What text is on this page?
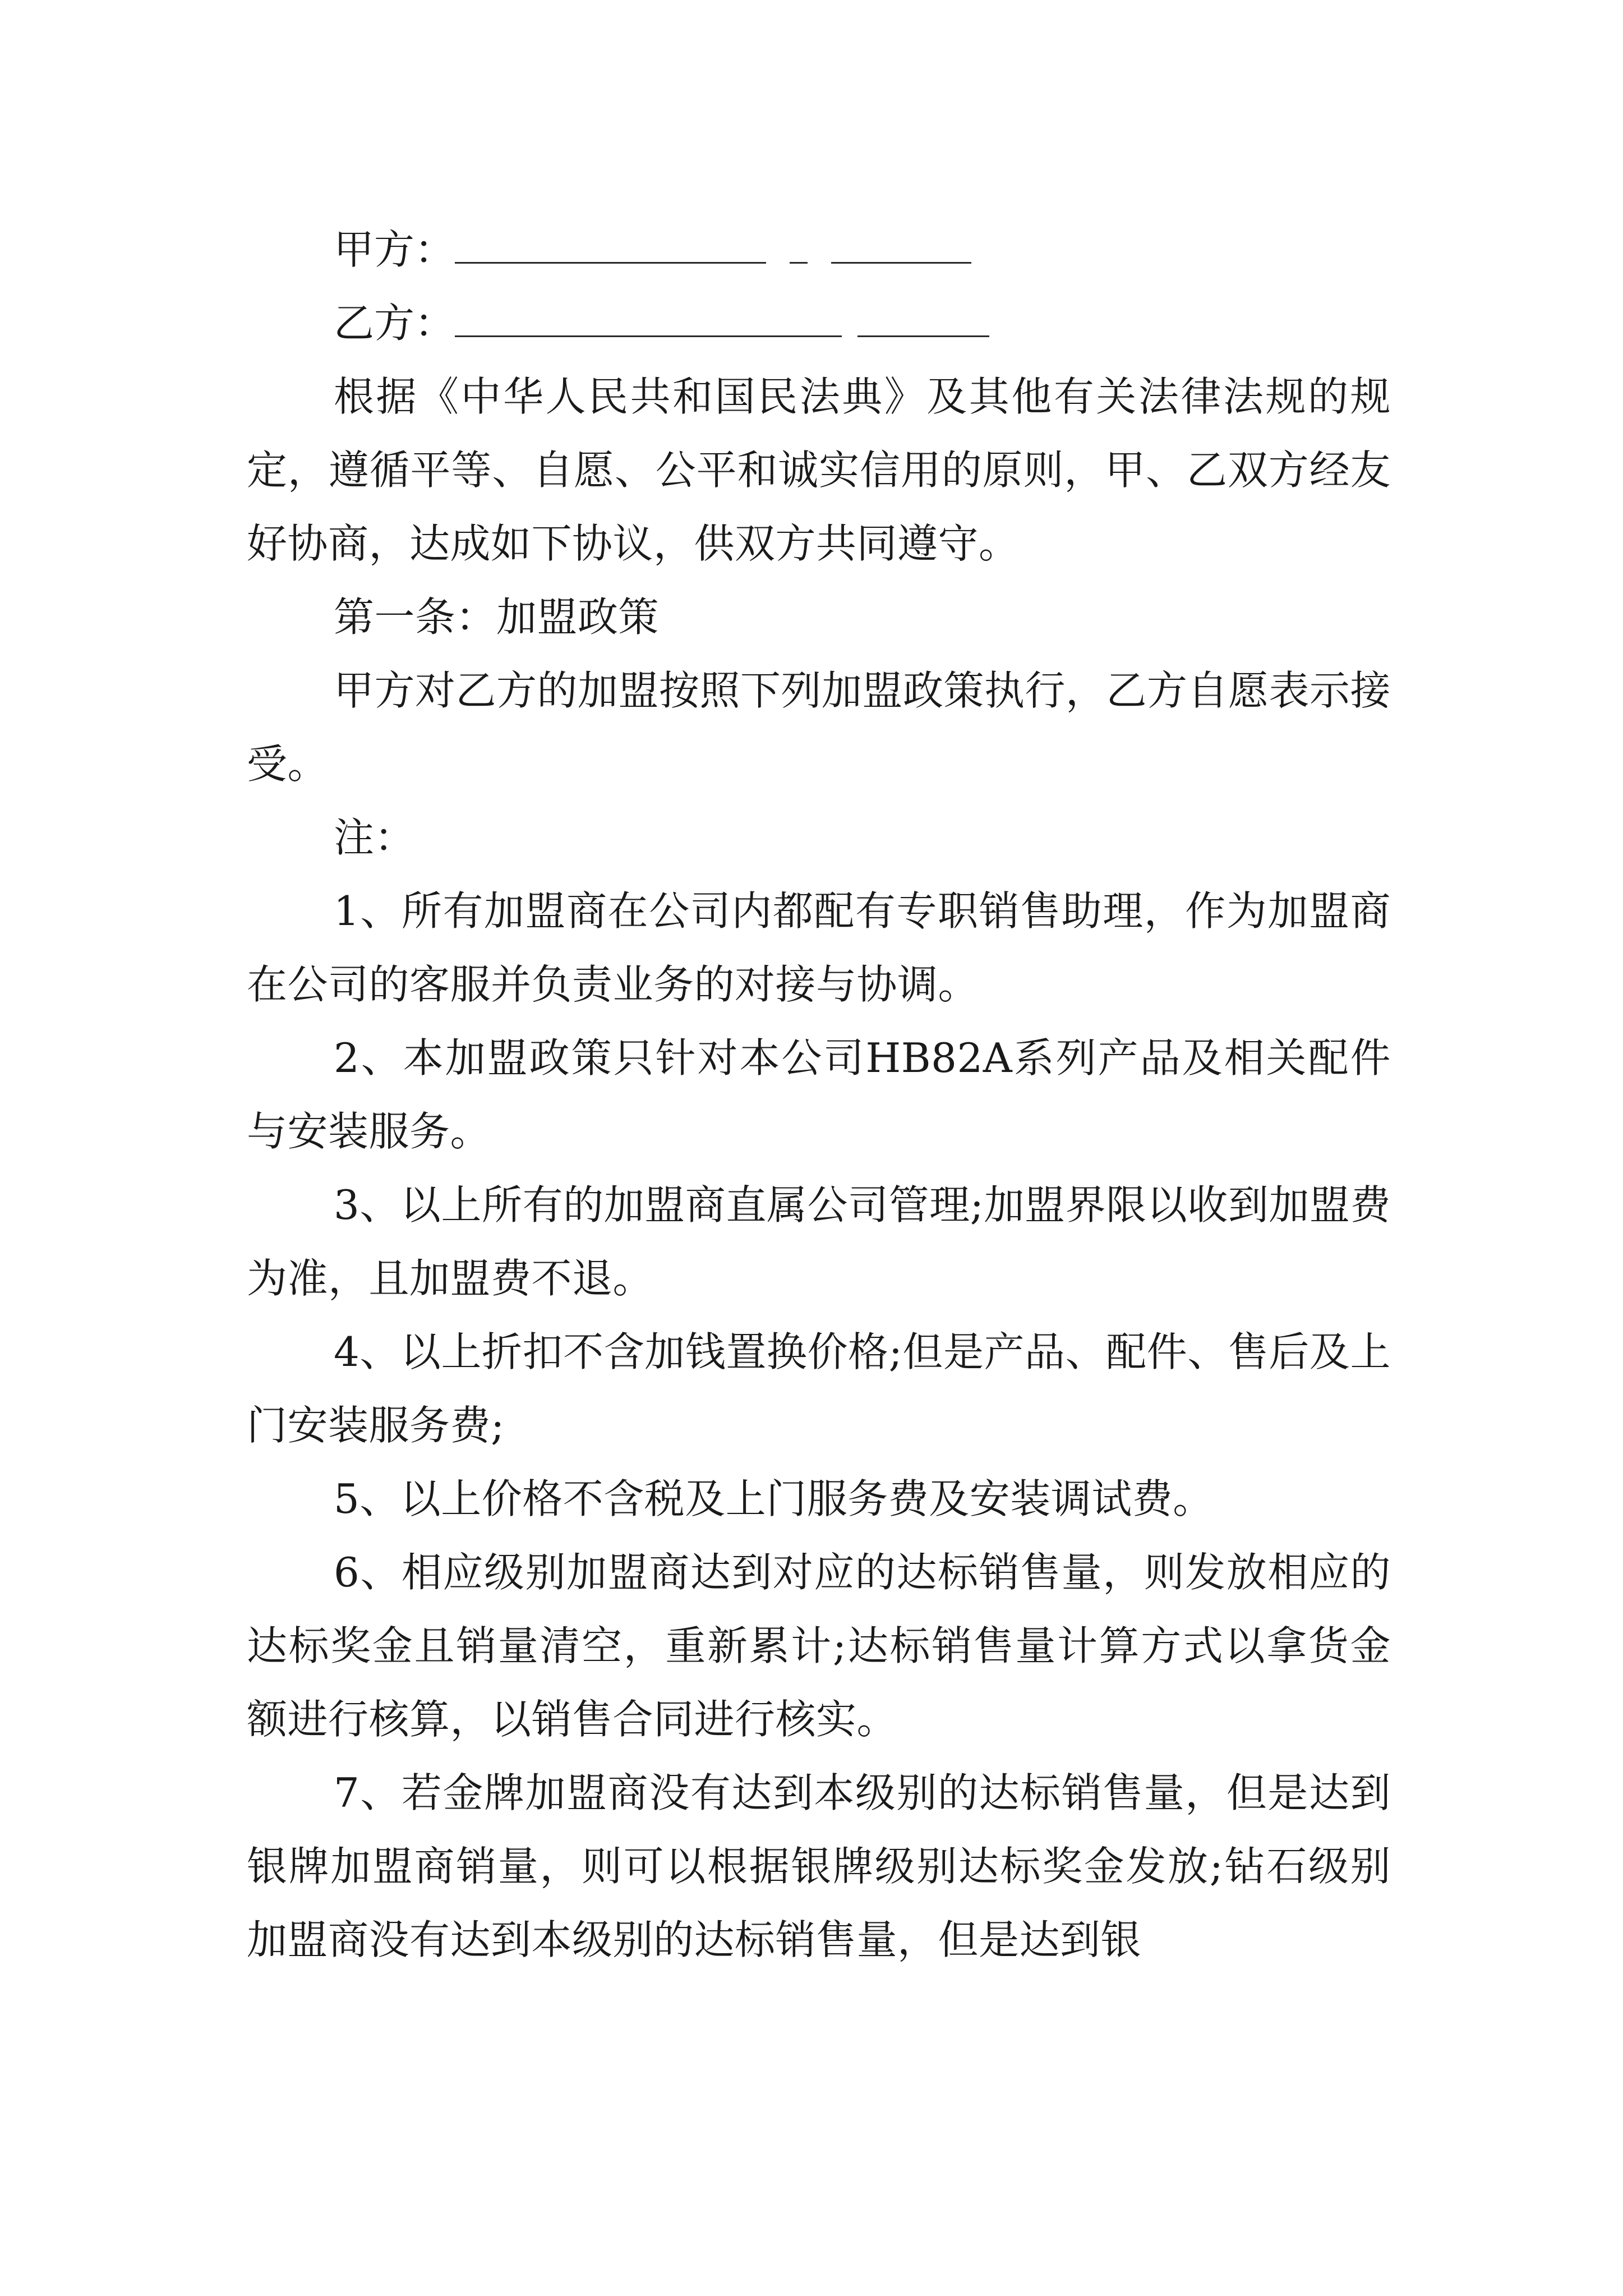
甲方：
乙方：

根据《中华人民共和国民法典》及其他有关法律法规的规定，遵循平等、自愿、公平和诚实信用的原则，甲、乙双方经友好协商，达成如下协议，供双方共同遵守。

第一条：加盟政策

甲方对乙方的加盟按照下列加盟政策执行，乙方自愿表示接受。

注：

1、所有加盟商在公司内都配有专职销售助理，作为加盟商在公司的客服并负责业务的对接与协调。

2、本加盟政策只针对本公司HB82A系列产品及相关配件与安装服务。

3、以上所有的加盟商直属公司管理;加盟界限以收到加盟费为准，且加盟费不退。

4、以上折扣不含加钱置换价格;但是产品、配件、售后及上门安装服务费;

5、以上价格不含税及上门服务费及安装调试费。

6、相应级别加盟商达到对应的达标销售量，则发放相应的达标奖金且销量清空，重新累计;达标销售量计算方式以拿货金额进行核算，以销售合同进行核实。

7、若金牌加盟商没有达到本级别的达标销售量，但是达到银牌加盟商销量，则可以根据银牌级别达标奖金发放;钻石级别加盟商没有达到本级别的达标销售量，但是达到银
